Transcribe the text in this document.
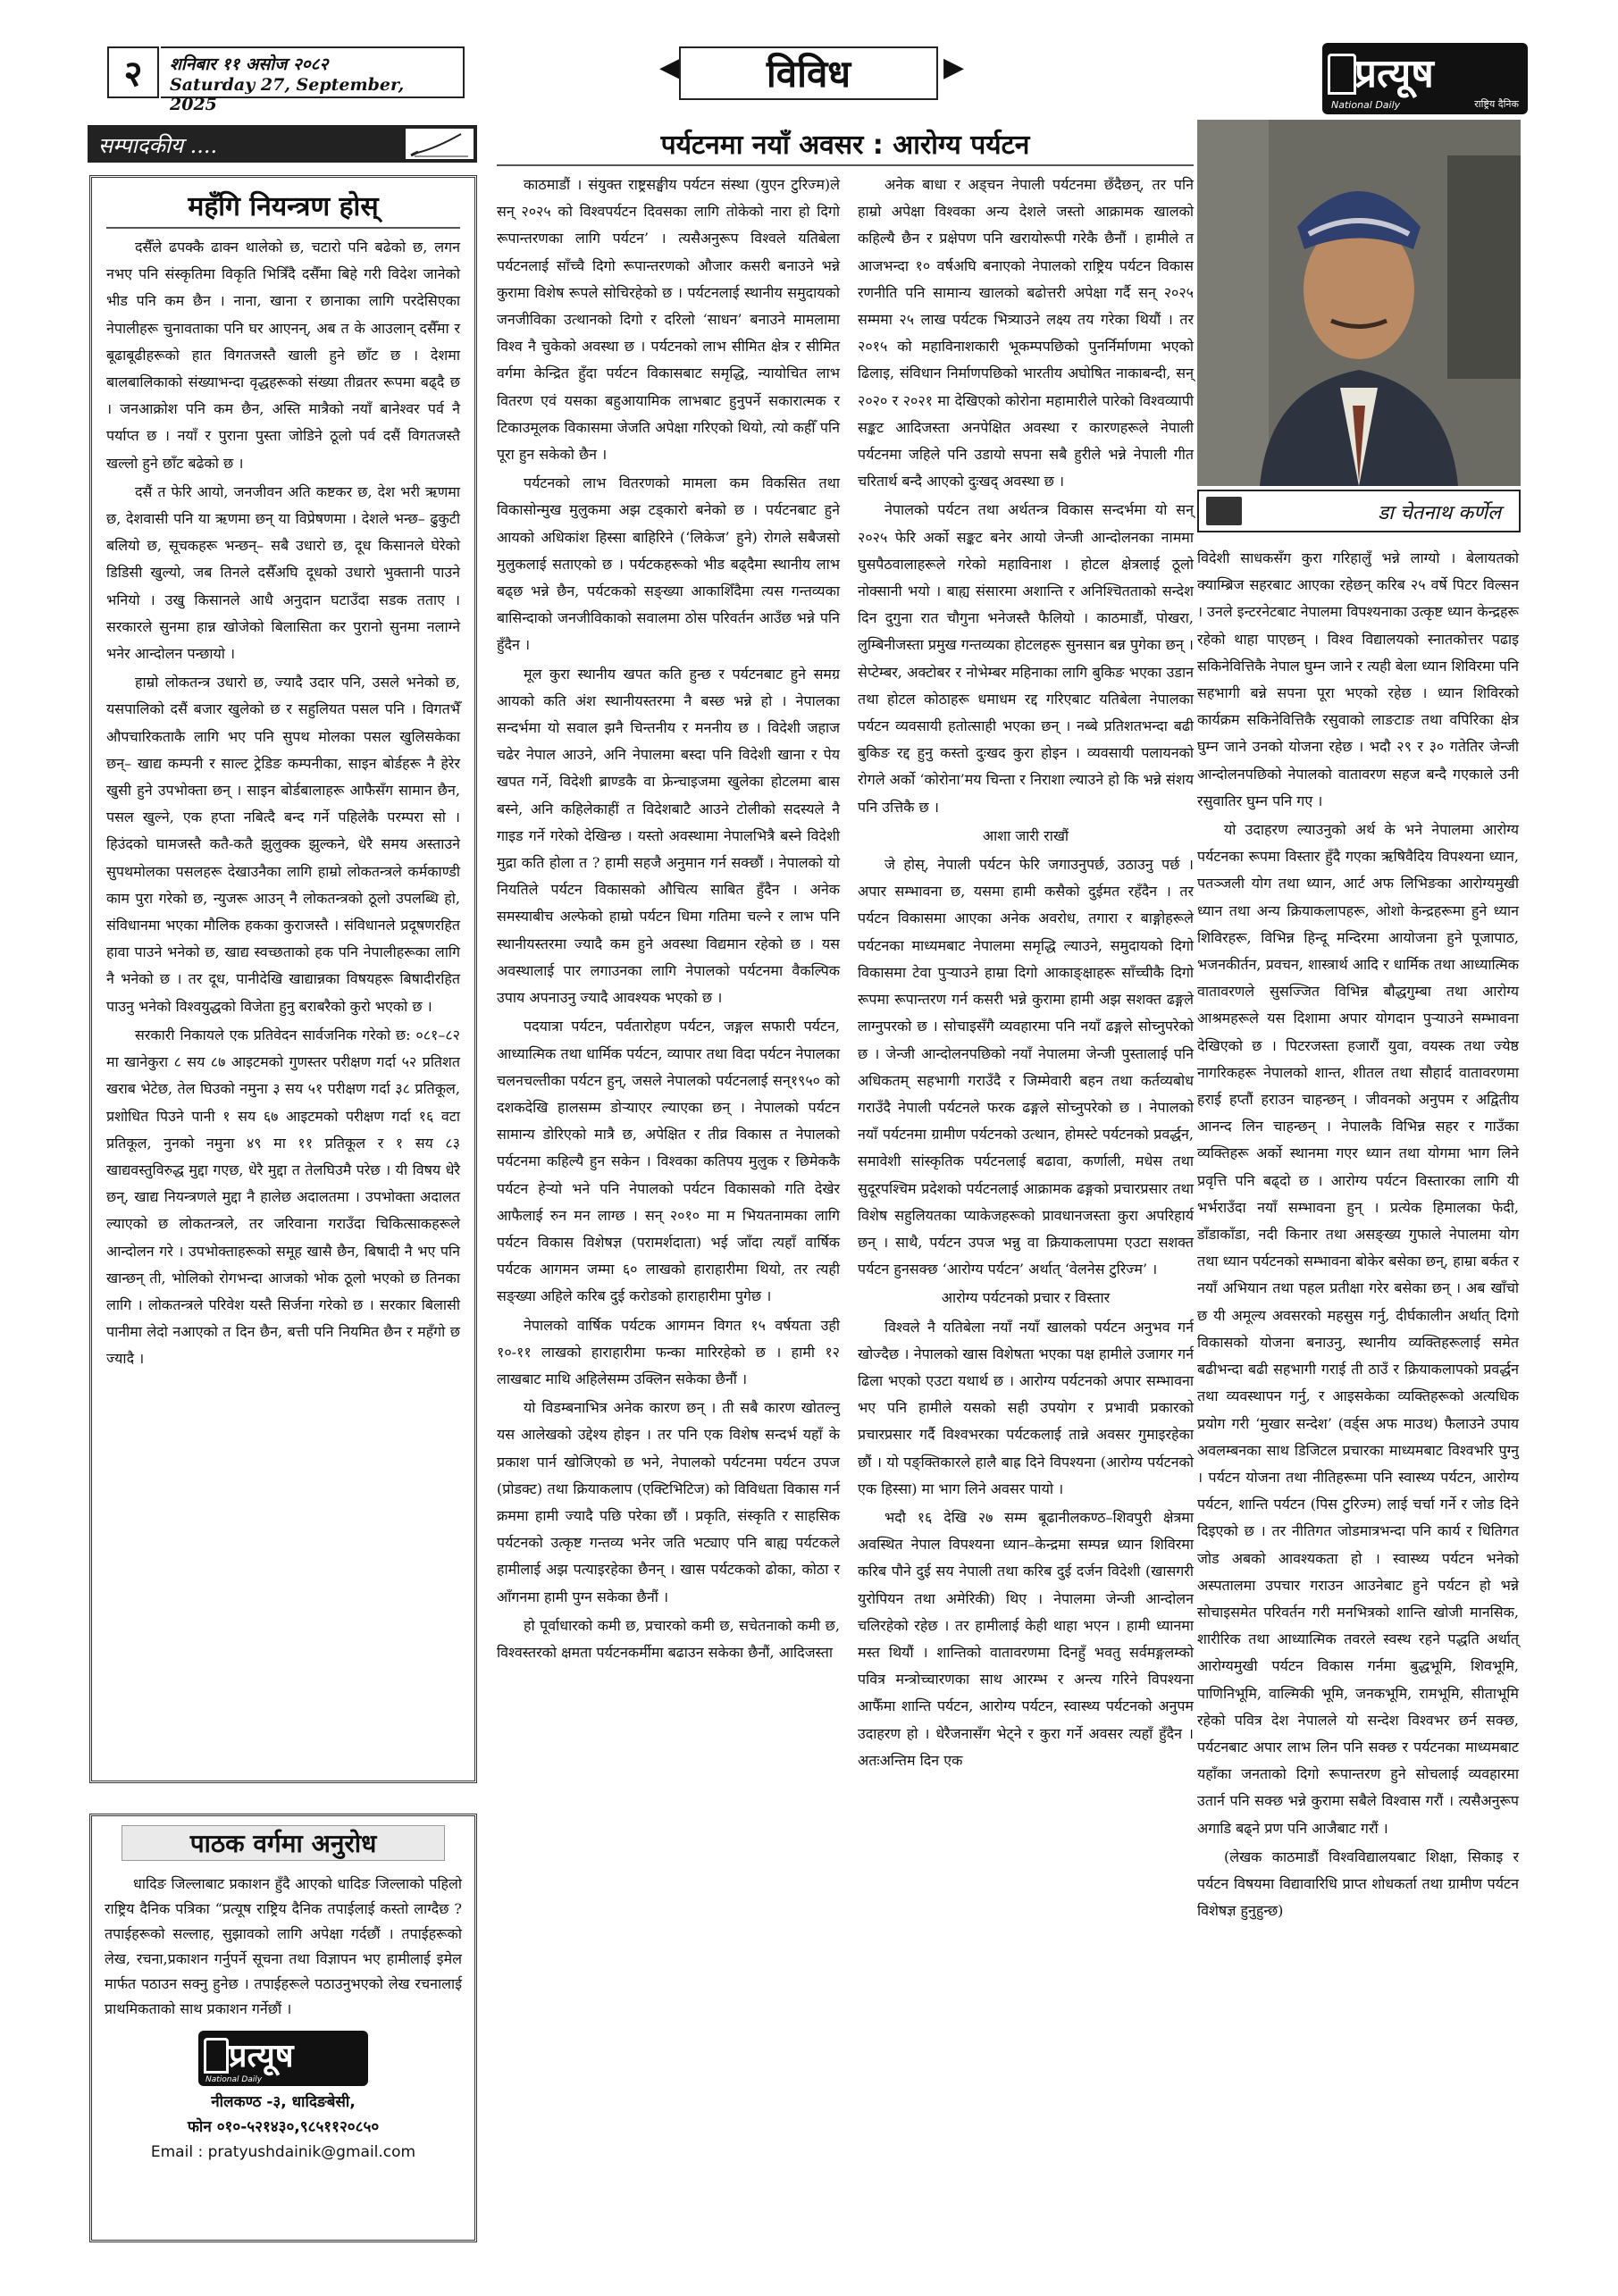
२	शनिबार ११ असोज २०८२
Saturday 27, September, 2025
◀	विविध	▶	प्रत्यूष
National Daily	राष्ट्रिय दैनिक
सम्पादकीय ....
महँगि नियन्त्रण होस्

दसैँले ढपक्कै ढाक्न थालेको छ, चटारो पनि बढेको छ, लगन नभए पनि संस्कृतिमा विकृति भित्रिँदै दसैँमा बिहे गरी विदेश जानेको भीड पनि कम छैन । नाना, खाना र छानाका लागि परदेसिएका नेपालीहरू चुनावताका पनि घर आएनन्, अब त के आउलान् दसैँमा र बूढाबूढीहरूको हात विगतजस्तै खाली हुने छाँट छ । देशमा बालबालिकाको संख्याभन्दा वृद्धहरूको संख्या तीव्रतर रूपमा बढ्दै छ । जनआक्रोश पनि कम छैन, अस्ति मात्रैको नयाँ बानेश्वर पर्व नै पर्याप्त छ । नयाँ र पुराना पुस्ता जोडिने ठूलो पर्व दसैं विगतजस्तै खल्लो हुने छाँट बढेको छ ।

दसैं त फेरि आयो, जनजीवन अति कष्टकर छ, देश भरी ऋणमा छ, देशवासी पनि या ऋणमा छन् या विप्रेषणमा । देशले भन्छ– ढुकुटी बलियो छ, सूचकहरू भन्छन्– सबै उधारो छ, दूध किसानले घेरेको डिडिसी खुल्यो, जब तिनले दसैँअघि दूधको उधारो भुक्तानी पाउने भनियो । उखु किसानले आधै अनुदान घटाउँदा सडक तताए । सरकारले सुनमा हान्न खोजेको बिलासिता कर पुरानो सुनमा नलाग्ने भनेर आन्दोलन पन्छायो ।

हाम्रो लोकतन्त्र उधारो छ, ज्यादै उदार पनि, उसले भनेको छ, यसपालिको दसैं बजार खुलेको छ र सहुलियत पसल पनि । विगतभैँ औपचारिकताकै लागि भए पनि सुपथ मोलका पसल खुलिसकेका छन्– खाद्य कम्पनी र साल्ट ट्रेडिङ कम्पनीका, साइन बोर्डहरू नै हेरेर खुसी हुने उपभोक्ता छन् । साइन बोर्डबालाहरू आफैसँग सामान छैन, पसल खुल्ने, एक हप्ता नबित्दै बन्द गर्ने पहिलेकै परम्परा सो । हिउंदको घामजस्तै कतै-कतै झुलुक्क झुल्कने, धेरै समय अस्ताउने सुपथमोलका पसलहरू देखाउनैका लागि हाम्रो लोकतन्त्रले कर्मकाण्डी काम पुरा गरेको छ, न्युजरू आउन् नै लोकतन्त्रको ठूलो उपलब्धि हो, संविधानमा भएका मौलिक हकका कुराजस्तै । संविधानले प्रदूषणरहित हावा पाउने भनेको छ, खाद्य स्वच्छताको हक पनि नेपालीहरूका लागि नै भनेको छ । तर दूध, पानीदेखि खाद्यान्नका विषयहरू बिषादीरहित पाउनु भनेको विश्वयुद्धको विजेता हुनु बराबरैको कुरो भएको छ ।

सरकारी निकायले एक प्रतिवेदन सार्वजनिक गरेको छ: ०८१–८२ मा खानेकुरा ८ सय ८७ आइटमको गुणस्तर परीक्षण गर्दा ५२ प्रतिशत खराब भेटेछ, तेल घिउको नमुना ३ सय ५१ परीक्षण गर्दा ३८ प्रतिकूल, प्रशोधित पिउने पानी १ सय ६७ आइटमको परीक्षण गर्दा १६ वटा प्रतिकूल, नुनको नमुना ४९ मा ११ प्रतिकूल र १ सय ८३ खाद्यवस्तुविरुद्ध मुद्दा गएछ, धेरै मुद्दा त तेलघिउमै परेछ । यी विषय धेरै छन्, खाद्य नियन्त्रणले मुद्दा नै हालेछ अदालतमा । उपभोक्ता अदालत ल्याएको छ लोकतन्त्रले, तर जरिवाना गराउँदा चिकित्साकहरूले आन्दोलन गरे । उपभोक्ताहरूको समूह खासै छैन, बिषादी नै भए पनि खान्छन् ती, भोलिको रोगभन्दा आजको भोक ठूलो भएको छ तिनका लागि । लोकतन्त्रले परिवेश यस्तै सिर्जना गरेको छ । सरकार बिलासी पानीमा लेदो नआएको त दिन छैन, बत्ती पनि नियमित छैन र महँगो छ ज्यादै ।

पाठक वर्गमा अनुरोध

धादिङ जिल्लाबाट प्रकाशन हुँदै आएको धादिङ जिल्लाको पहिलो राष्ट्रिय दैनिक पत्रिका “प्रत्यूष राष्ट्रिय दैनिक तपाईलाई कस्तो लाग्दैछ ? तपाईहरूको सल्लाह, सुझावको लागि अपेक्षा गर्दछौं । तपाईहरूको लेख, रचना,प्रकाशन गर्नुपर्ने सूचना तथा विज्ञापन भए हामीलाई इमेल मार्फत पठाउन सक्नु हुनेछ । तपाईहरूले पठाउनुभएको लेख रचनालाई प्राथमिकताको साथ प्रकाशन गर्नेछौं ।

प्रत्यूष
National Daily

नीलकण्ठ -३, धादिङबेसी,

फोन ०१०-५२१४३०,९८५११२०८५०

Email : pratyushdainik@gmail.com

पर्यटनमा नयाँ अवसर : आरोग्य पर्यटन

काठमाडौं । संयुक्त राष्ट्रसङ्घीय पर्यटन संस्था (युएन टुरिज्म)ले सन् २०२५ को विश्वपर्यटन दिवसका लागि तोकेको नारा हो दिगो रूपान्तरणका लागि पर्यटन’ । त्यसैअनुरूप विश्वले यतिबेला पर्यटनलाई साँच्चै दिगो रूपान्तरणको औजार कसरी बनाउने भन्ने कुरामा विशेष रूपले सोचिरहेको छ । पर्यटनलाई स्थानीय समुदायको जनजीविका उत्थानको दिगो र दरिलो ‘साधन’ बनाउने मामलामा विश्व नै चुकेको अवस्था छ । पर्यटनको लाभ सीमित क्षेत्र र सीमित वर्गमा केन्द्रित हुँदा पर्यटन विकासबाट समृद्धि, न्यायोचित लाभ वितरण एवं यसका बहुआयामिक लाभबाट हुनुपर्ने सकारात्मक र टिकाउमूलक विकासमा जेजति अपेक्षा गरिएको थियो, त्यो कहीँ पनि पूरा हुन सकेको छैन ।

पर्यटनको लाभ वितरणको मामला कम विकसित तथा विकासोन्मुख मुलुकमा अझ टड्कारो बनेको छ । पर्यटनबाट हुने आयको अधिकांश हिस्सा बाहिरिने (‘लिकेज’ हुने) रोगले सबैजसो मुलुकलाई सताएको छ । पर्यटकहरूको भीड बढ्दैमा स्थानीय लाभ बढ्छ भन्ने छैन, पर्यटकको सङ्ख्या आकाशिँदैमा त्यस गन्तव्यका बासिन्दाको जनजीविकाको सवालमा ठोस परिवर्तन आउँछ भन्ने पनि हुँदैन ।

मूल कुरा स्थानीय खपत कति हुन्छ र पर्यटनबाट हुने समग्र आयको कति अंश स्थानीयस्तरमा नै बस्छ भन्ने हो । नेपालका सन्दर्भमा यो सवाल झनै चिन्तनीय र मननीय छ । विदेशी जहाज चढेर नेपाल आउने, अनि नेपालमा बस्दा पनि विदेशी खाना र पेय खपत गर्ने, विदेशी ब्राण्डकै वा फ्रेन्चाइजमा खुलेका होटलमा बास बस्ने, अनि कहिलेकाहीं त विदेशबाटै आउने टोलीको सदस्यले नै गाइड गर्ने गरेको देखिन्छ । यस्तो अवस्थामा नेपालभित्रै बस्ने विदेशी मुद्रा कति होला त ? हामी सहजै अनुमान गर्न सक्छौं । नेपालको यो नियतिले पर्यटन विकासको औचित्य साबित हुँदैन । अनेक समस्याबीच अल्फेको हाम्रो पर्यटन धिमा गतिमा चल्ने र लाभ पनि स्थानीयस्तरमा ज्यादै कम हुने अवस्था विद्यमान रहेको छ । यस अवस्थालाई पार लगाउनका लागि नेपालको पर्यटनमा वैकल्पिक उपाय अपनाउनु ज्यादै आवश्यक भएको छ ।

पदयात्रा पर्यटन, पर्वतारोहण पर्यटन, जङ्गल सफारी पर्यटन, आध्यात्मिक तथा धार्मिक पर्यटन, व्यापार तथा विदा पर्यटन नेपालका चलनचल्तीका पर्यटन हुन्, जसले नेपालको पर्यटनलाई सन्१९५० को दशकदेखि हालसम्म डोऱ्याएर ल्याएका छन् । नेपालको पर्यटन सामान्य डोरिएको मात्रै छ, अपेक्षित र तीव्र विकास त नेपालको पर्यटनमा कहिल्यै हुन सकेन । विश्वका कतिपय मुलुक र छिमेककै पर्यटन हेऱ्यो भने पनि नेपालको पर्यटन विकासको गति देखेर आफैलाई रुन मन लाग्छ । सन् २०१० मा म भियतनामका लागि पर्यटन विकास विशेषज्ञ (परामर्शदाता) भई जाँदा त्यहाँ वार्षिक पर्यटक आगमन जम्मा ६० लाखको हाराहारीमा थियो, तर त्यही सङ्ख्या अहिले करिब दुई करोडको हाराहारीमा पुगेछ ।

नेपालको वार्षिक पर्यटक आगमन विगत १५ वर्षयता उही १०-११ लाखको हाराहारीमा फन्का मारिरहेको छ । हामी १२ लाखबाट माथि अहिलेसम्म उक्लिन सकेका छैनौं ।

यो विडम्बनाभित्र अनेक कारण छन् । ती सबै कारण खोतल्नु यस आलेखको उद्देश्य होइन । तर पनि एक विशेष सन्दर्भ यहाँ के प्रकाश पार्न खोजिएको छ भने, नेपालको पर्यटनमा पर्यटन उपज (प्रोडक्ट) तथा क्रियाकलाप (एक्टिभिटिज) को विविधता विकास गर्न क्रममा हामी ज्यादै पछि परेका छौं । प्रकृति, संस्कृति र साहसिक पर्यटनको उत्कृष्ट गन्तव्य भनेर जति भट्याए पनि बाह्य पर्यटकले हामीलाई अझ पत्याइरहेका छैनन् । खास पर्यटकको ढोका, कोठा र आँगनमा हामी पुग्न सकेका छैनौं ।

हो पूर्वाधारको कमी छ, प्रचारको कमी छ, सचेतनाको कमी छ, विश्वस्तरको क्षमता पर्यटनकर्मीमा बढाउन सकेका छैनौं, आदिजस्ता

अनेक बाधा र अड्चन नेपाली पर्यटनमा छँदैछन्, तर पनि हाम्रो अपेक्षा विश्वका अन्य देशले जस्तो आक्रामक खालको कहिल्यै छैन र प्रक्षेपण पनि खरायोरूपी गरेकै छैनौं । हामीले त आजभन्दा १० वर्षअघि बनाएको नेपालको राष्ट्रिय पर्यटन विकास रणनीति पनि सामान्य खालको बढोत्तरी अपेक्षा गर्दै सन् २०२५ सम्ममा २५ लाख पर्यटक भित्र्याउने लक्ष्य तय गरेका थियौं । तर २०१५ को महाविनाशकारी भूकम्पपछिको पुनर्निर्माणमा भएको ढिलाइ, संविधान निर्माणपछिको भारतीय अघोषित नाकाबन्दी, सन् २०२० र २०२१ मा देखिएको कोरोना महामारीले पारेको विश्वव्यापी सङ्कट आदिजस्ता अनपेक्षित अवस्था र कारणहरूले नेपाली पर्यटनमा जहिले पनि उडायो सपना सबै हुरीले भन्ने नेपाली गीत चरितार्थ बन्दै आएको दुःखद् अवस्था छ ।

नेपालको पर्यटन तथा अर्थतन्त्र विकास सन्दर्भमा यो सन् २०२५ फेरि अर्को सङ्कट बनेर आयो जेन्जी आन्दोलनका नाममा घुसपैठवालाहरूले गरेको महाविनाश । होटल क्षेत्रलाई ठूलो नोक्सानी भयो । बाह्य संसारमा अशान्ति र अनिश्चितताको सन्देश दिन दुगुना रात चौगुना भनेजस्तै फैलियो । काठमाडौं, पोखरा, लुम्बिनीजस्ता प्रमुख गन्तव्यका होटलहरू सुनसान बन्न पुगेका छन् । सेप्टेम्बर, अक्टोबर र नोभेम्बर महिनाका लागि बुकिङ भएका उडान तथा होटल कोठाहरू धमाधम रद्द गरिएबाट यतिबेला नेपालका पर्यटन व्यवसायी हतोत्साही भएका छन् । नब्बे प्रतिशतभन्दा बढी बुकिङ रद्द हुनु कस्तो दुःखद कुरा होइन । व्यवसायी पलायनको रोगले अर्को ‘कोरोना’मय चिन्ता र निराशा ल्याउने हो कि भन्ने संशय पनि उत्तिकै छ ।

आशा जारी राखौं

जे होस्, नेपाली पर्यटन फेरि जगाउनुपर्छ, उठाउनु पर्छ । अपार सम्भावना छ, यसमा हामी कसैको दुईमत रहँदैन । तर पर्यटन विकासमा आएका अनेक अवरोध, तगारा र बाङ्गोहरूले पर्यटनका माध्यमबाट नेपालमा समृद्धि ल्याउने, समुदायको दिगो विकासमा टेवा पुऱ्याउने हाम्रा दिगो आकाङ्क्षाहरू साँच्चीकै दिगो रूपमा रूपान्तरण गर्न कसरी भन्ने कुरामा हामी अझ सशक्त ढङ्गले लाग्नुपरको छ । सोचाइसँगै व्यवहारमा पनि नयाँ ढङ्गले सोच्नुपरेको छ । जेन्जी आन्दोलनपछिको नयाँ नेपालमा जेन्जी पुस्तालाई पनि अधिकतम् सहभागी गराउँदै र जिम्मेवारी बहन तथा कर्तव्यबोध गराउँदै नेपाली पर्यटनले फरक ढङ्गले सोच्नुपरेको छ । नेपालको नयाँ पर्यटनमा ग्रामीण पर्यटनको उत्थान, होमस्टे पर्यटनको प्रवर्द्धन, समावेशी सांस्कृतिक पर्यटनलाई बढावा, कर्णाली, मधेस तथा सुदूरपश्चिम प्रदेशको पर्यटनलाई आक्रामक ढङ्गको प्रचारप्रसार तथा विशेष सहुलियतका प्याकेजहरूको प्रावधानजस्ता कुरा अपरिहार्य छन् । साथै, पर्यटन उपज भन्नु वा क्रियाकलापमा एउटा सशक्त पर्यटन हुनसक्छ ‘आरोग्य पर्यटन’ अर्थात् ‘वेलनेस टुरिज्म’ ।

आरोग्य पर्यटनको प्रचार र विस्तार

विश्वले नै यतिबेला नयाँ नयाँ खालको पर्यटन अनुभव गर्न खोज्दैछ । नेपालको खास विशेषता भएका पक्ष हामीले उजागर गर्न ढिला भएको एउटा यथार्थ छ । आरोग्य पर्यटनको अपार सम्भावना भए पनि हामीले यसको सही उपयोग र प्रभावी प्रकारको प्रचारप्रसार गर्दै विश्वभरका पर्यटकलाई तान्ने अवसर गुमाइरहेका छौं । यो पङ्क्तिकारले हालै बाह्र दिने विपश्यना (आरोग्य पर्यटनको एक हिस्सा) मा भाग लिने अवसर पायो ।

भदौ १६ देखि २७ सम्म बूढानीलकण्ठ–शिवपुरी क्षेत्रमा अवस्थित नेपाल विपश्यना ध्यान–केन्द्रमा सम्पन्न ध्यान शिविरमा करिब पौने दुई सय नेपाली तथा करिब दुई दर्जन विदेशी (खासगरी युरोपियन तथा अमेरिकी) थिए । नेपालमा जेन्जी आन्दोलन चलिरहेको रहेछ । तर हामीलाई केही थाहा भएन । हामी ध्यानमा मस्त थियौं । शान्तिको वातावरणमा दिनहुँ भवतु सर्वमङ्गलम्को पवित्र मन्त्रोच्चारणका साथ आरम्भ र अन्त्य गरिने विपश्यना आफैँमा शान्ति पर्यटन, आरोग्य पर्यटन, स्वास्थ्य पर्यटनको अनुपम उदाहरण हो । धेरैजनासँग भेट्ने र कुरा गर्ने अवसर त्यहाँ हुँदैन । अतःअन्तिम दिन एक

डा चेतनाथ कर्णेल

विदेशी साधकसँग कुरा गरिहालुँ भन्ने लाग्यो । बेलायतको क्याम्ब्रिज सहरबाट आएका रहेछन् करिब २५ वर्षे पिटर विल्सन । उनले इन्टरनेटबाट नेपालमा विपश्यनाका उत्कृष्ट ध्यान केन्द्रहरू रहेको थाहा पाएछन् । विश्व विद्यालयको स्नातकोत्तर पढाइ सकिनेवित्तिकै नेपाल घुम्न जाने र त्यही बेला ध्यान शिविरमा पनि सहभागी बन्ने सपना पूरा भएको रहेछ । ध्यान शिविरको कार्यक्रम सकिनेवित्तिकै रसुवाको लाङटाङ तथा वपिरिका क्षेत्र घुम्न जाने उनको योजना रहेछ । भदौ २९ र ३० गतेतिर जेन्जी आन्दोलनपछिको नेपालको वातावरण सहज बन्दै गएकाले उनी रसुवातिर घुम्न पनि गए ।

यो उदाहरण ल्याउनुको अर्थ के भने नेपालमा आरोग्य पर्यटनका रूपमा विस्तार हुँदै गएका ऋषिवैदिय विपश्यना ध्यान, पतञ्जली योग तथा ध्यान, आर्ट अफ लिभिङका आरोग्यमुखी ध्यान तथा अन्य क्रियाकलापहरू, ओशो केन्द्रहरूमा हुने ध्यान शिविरहरू, विभिन्न हिन्दू मन्दिरमा आयोजना हुने पूजापाठ, भजनकीर्तन, प्रवचन, शास्त्रार्थ आदि र धार्मिक तथा आध्यात्मिक वातावरणले सुसज्जित विभिन्न बौद्धगुम्बा तथा आरोग्य आश्रमहरूले यस दिशामा अपार योगदान पुऱ्याउने सम्भावना देखिएको छ । पिटरजस्ता हजारौं युवा, वयस्क तथा ज्येष्ठ नागरिकहरू नेपालको शान्त, शीतल तथा सौहार्द वातावरणमा हराई हप्तौं हराउन चाहन्छन् । जीवनको अनुपम र अद्वितीय आनन्द लिन चाहन्छन् । नेपालकै विभिन्न सहर र गाउँका व्यक्तिहरू अर्को स्थानमा गएर ध्यान तथा योगमा भाग लिने प्रवृत्ति पनि बढ्दो छ । आरोग्य पर्यटन विस्तारका लागि यी भर्भराउँदा नयाँ सम्भावना हुन् । प्रत्येक हिमालका फेदी, डाँडाकाँडा, नदी किनार तथा असङ्ख्य गुफाले नेपालमा योग तथा ध्यान पर्यटनको सम्भावना बोकेर बसेका छन्, हाम्रा बर्कत र नयाँ अभियान तथा पहल प्रतीक्षा गरेर बसेका छन् । अब खाँचो छ यी अमूल्य अवसरको महसुस गर्नु, दीर्घकालीन अर्थात् दिगो विकासको योजना बनाउनु, स्थानीय व्यक्तिहरूलाई समेत बढीभन्दा बढी सहभागी गराई ती ठाउँ र क्रियाकलापको प्रवर्द्धन तथा व्यवस्थापन गर्नु, र आइसकेका व्यक्तिहरूको अत्यधिक प्रयोग गरी ‘मुखार सन्देश’ (वर्ड्स अफ माउथ) फैलाउने उपाय अवलम्बनका साथ डिजिटल प्रचारका माध्यमबाट विश्वभरि पुग्नु । पर्यटन योजना तथा नीतिहरूमा पनि स्वास्थ्य पर्यटन, आरोग्य पर्यटन, शान्ति पर्यटन (पिस टुरिज्म) लाई चर्चा गर्ने र जोड दिने दिइएको छ । तर नीतिगत जोडमात्रभन्दा पनि कार्य र धितिगत जोड अबको आवश्यकता हो । स्वास्थ्य पर्यटन भनेको अस्पतालमा उपचार गराउन आउनेबाट हुने पर्यटन हो भन्ने सोचाइसमेत परिवर्तन गरी मनभित्रको शान्ति खोजी मानसिक, शारीरिक तथा आध्यात्मिक तवरले स्वस्थ रहने पद्धति अर्थात् आरोग्यमुखी पर्यटन विकास गर्नमा बुद्धभूमि, शिवभूमि, पाणिनिभूमि, वाल्मिकी भूमि, जनकभूमि, रामभूमि, सीताभूमि रहेको पवित्र देश नेपालले यो सन्देश विश्वभर छर्न सक्छ, पर्यटनबाट अपार लाभ लिन पनि सक्छ र पर्यटनका माध्यमबाट यहाँका जनताको दिगो रूपान्तरण हुने सोचलाई व्यवहारमा उतार्न पनि सक्छ भन्ने कुरामा सबैले विश्वास गरौं । त्यसैअनुरूप अगाडि बढ्ने प्रण पनि आजैबाट गरौं ।

(लेखक काठमाडौं विश्वविद्यालयबाट शिक्षा, सिकाइ र पर्यटन विषयमा विद्यावारिधि प्राप्त शोधकर्ता तथा ग्रामीण पर्यटन विशेषज्ञ हुनुहुन्छ)
